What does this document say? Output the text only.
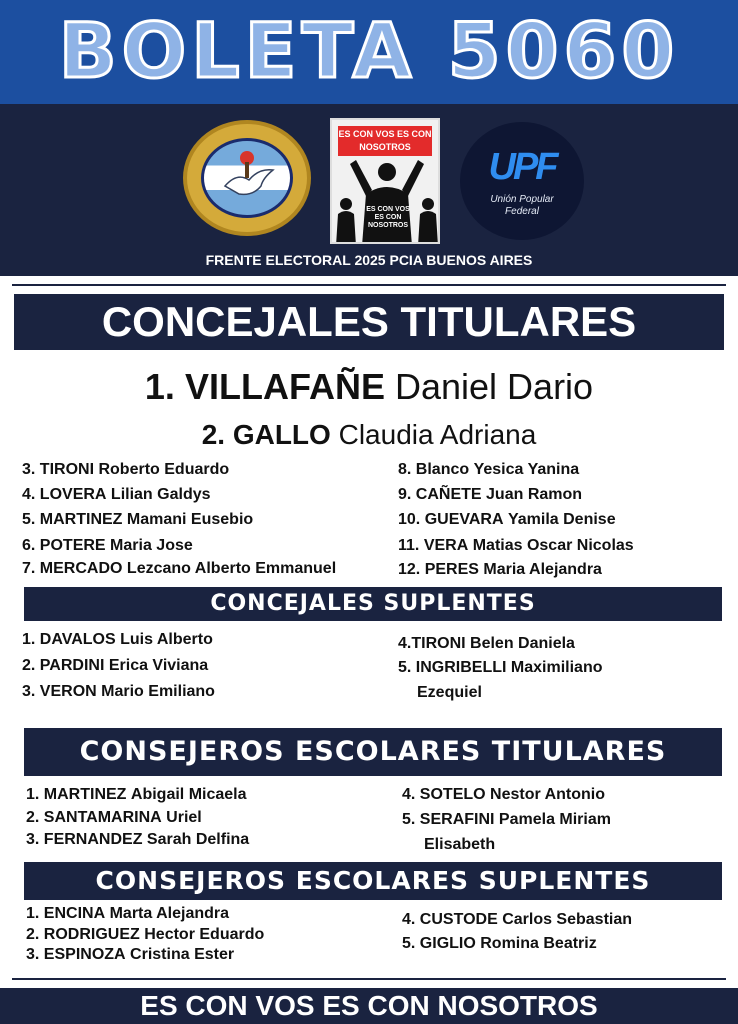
BOLETA 5060
ES CON VOS ES CON NOSOTROS
ES CON VOS ES CON NOSOTROS
UPF
Unión Popular Federal
FRENTE ELECTORAL 2025 PCIA BUENOS AIRES
CONCEJALES TITULARES
1. VILLAFAÑE Daniel Dario
2. GALLO Claudia Adriana
3. TIRONI Roberto Eduardo
4. LOVERA Lilian Galdys
5. MARTINEZ Mamani Eusebio
6. POTERE Maria Jose
7. MERCADO Lezcano Alberto Emmanuel
8. Blanco Yesica Yanina
9. CAÑETE Juan Ramon
10. GUEVARA Yamila Denise
11. VERA Matias Oscar Nicolas
12. PERES Maria Alejandra
CONCEJALES SUPLENTES
1. DAVALOS Luis Alberto
2. PARDINI Erica Viviana
3. VERON Mario Emiliano
4.TIRONI Belen Daniela
5. INGRIBELLI Maximiliano
Ezequiel
CONSEJEROS ESCOLARES TITULARES
1. MARTINEZ Abigail Micaela
2. SANTAMARINA Uriel
3. FERNANDEZ Sarah Delfina
4. SOTELO Nestor Antonio
5. SERAFINI Pamela Miriam
Elisabeth
CONSEJEROS ESCOLARES SUPLENTES
1. ENCINA Marta Alejandra
2. RODRIGUEZ Hector Eduardo
3. ESPINOZA Cristina Ester
4. CUSTODE Carlos Sebastian
5. GIGLIO Romina Beatriz
ES CON VOS ES CON NOSOTROS
